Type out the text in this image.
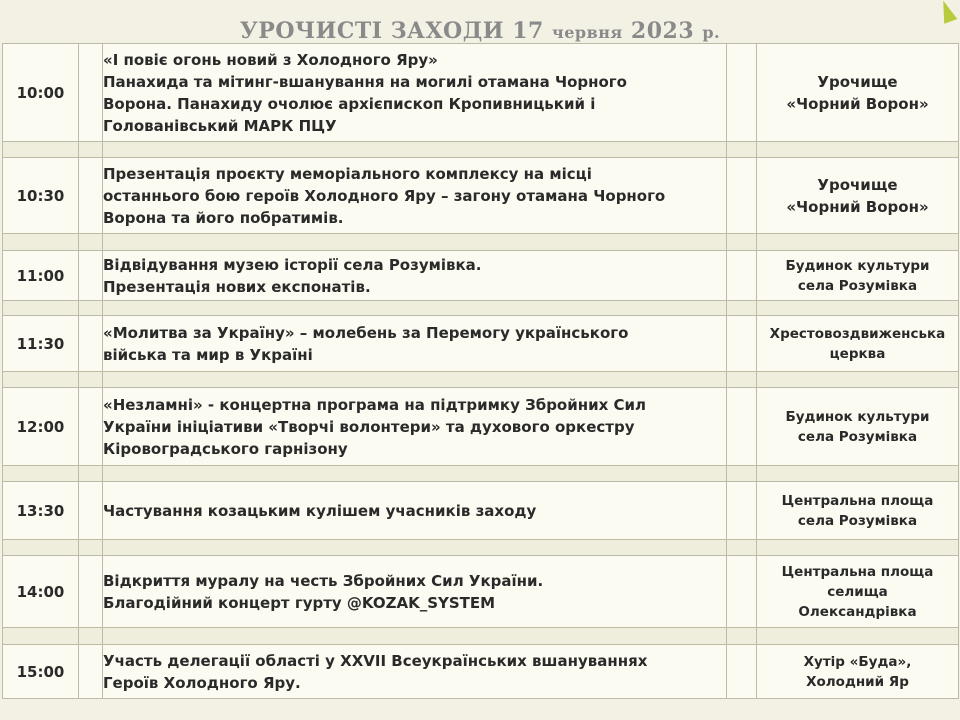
УРОЧИСТІ ЗАХОДИ 17 червня 2023 р.
10:00		«І повіє огонь новий з Холодного Яру»
Панахида та мітинг-вшанування на могилі отамана Чорного
Ворона. Панахиду очолює архієпископ Кропивницький і
Голованівський МАРК ПЦУ		Урочище
«Чорний Ворон»

10:30		Презентація проєкту меморіального комплексу на місці
останнього бою героїв Холодного Яру – загону отамана Чорного
Ворона та його побратимів.		Урочище
«Чорний Ворон»

11:00		Відвідування музею історії села Розумівка.
Презентація нових експонатів.		Будинок культури
села Розумівка

11:30		«Молитва за Україну» – молебень за Перемогу українського
війська та мир в Україні		Хрестовоздвиженська
церква

12:00		«Незламні» - концертна програма на підтримку Збройних Сил
України ініціативи «Творчі волонтери» та духового оркестру
Кіровоградського гарнізону		Будинок культури
села Розумівка

13:30		Частування козацьким кулішем учасників заходу		Центральна площа
села Розумівка

14:00		Відкриття муралу на честь Збройних Сил України.
Благодійний концерт гурту @KOZAK_SYSTEM		Центральна площа
селища
Олександрівка

15:00		Участь делегації області у XXVII Всеукраїнських вшануваннях
Героїв Холодного Яру.		Хутір «Буда»,
Холодний Яр
